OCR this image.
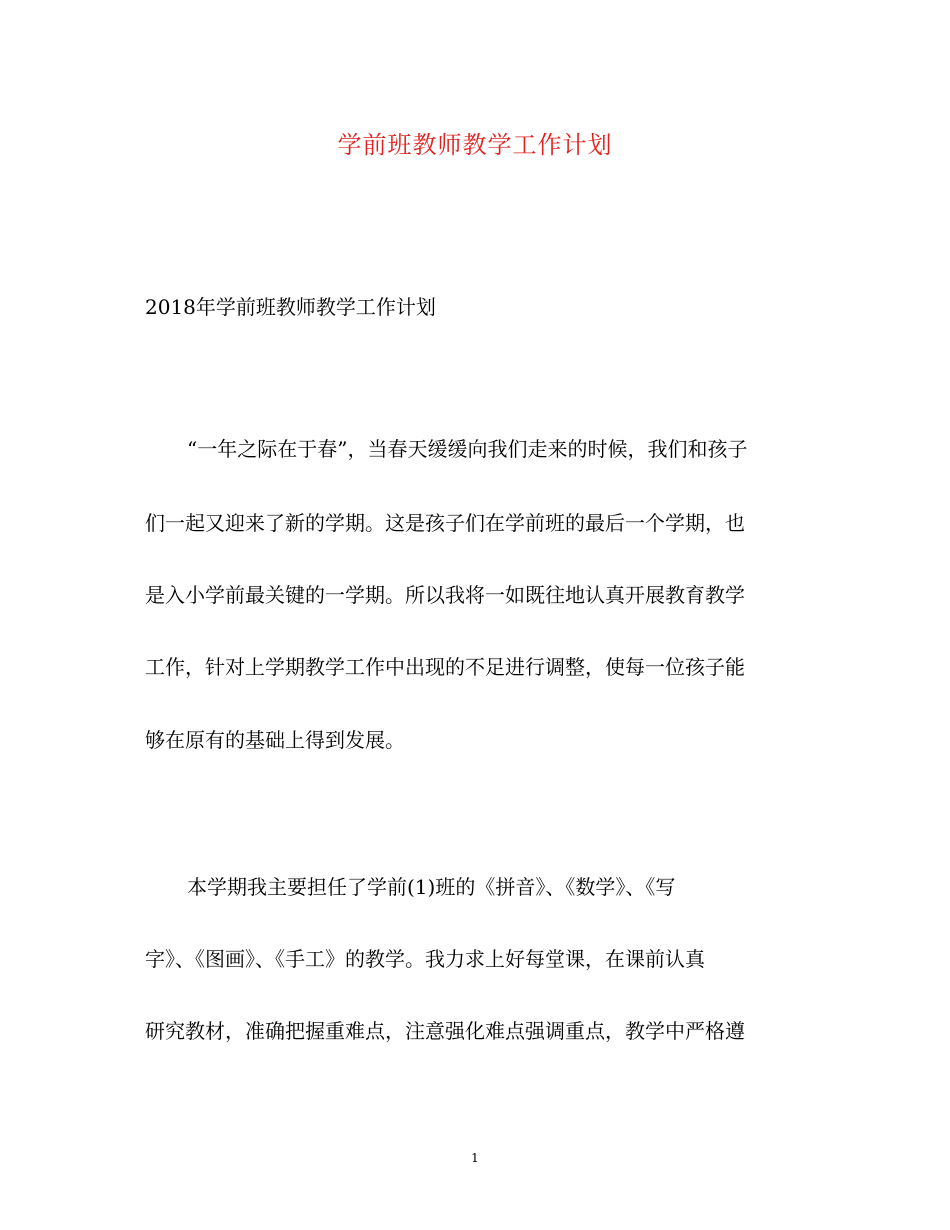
学前班教师教学工作计划
2018年学前班教师教学工作计划
“一年之际在于春”，当春天缓缓向我们走来的时候，我们和孩子
们一起又迎来了新的学期。这是孩子们在学前班的最后一个学期，也
是入小学前最关键的一学期。所以我将一如既往地认真开展教育教学
工作，针对上学期教学工作中出现的不足进行调整，使每一位孩子能
够在原有的基础上得到发展。
本学期我主要担任了学前(1)班的《拼音》、《数学》、《写
字》、《图画》、《手工》的教学。我力求上好每堂课，在课前认真
研究教材，准确把握重难点，注意强化难点强调重点，教学中严格遵
1
